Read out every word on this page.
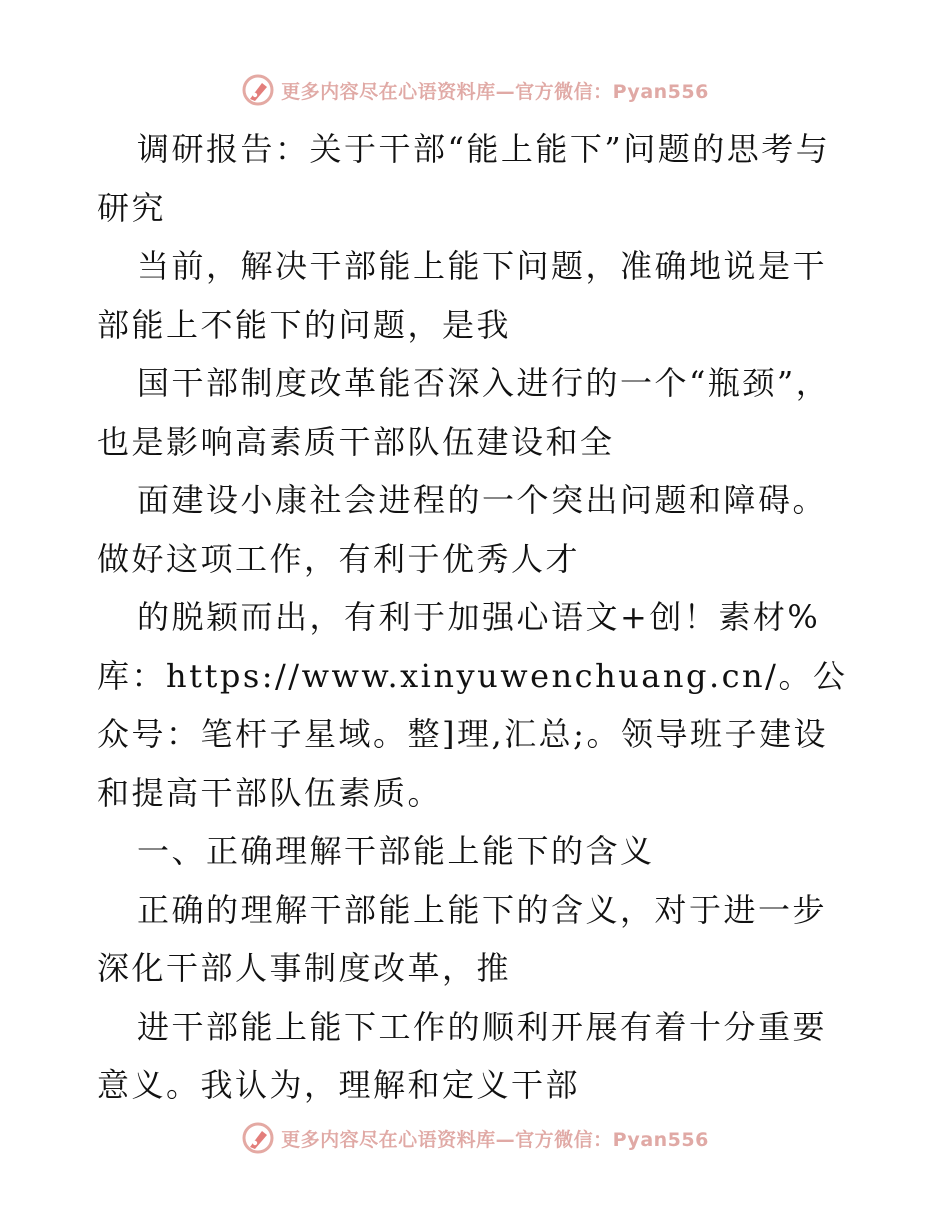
更多内容尽在心语资料库—官方微信：Pyan556

调研报告：关于干部“能上能下”问题的思考与研究

当前，解决干部能上能下问题，准确地说是干部能上不能下的问题，是我

国干部制度改革能否深入进行的一个“瓶颈”，也是影响高素质干部队伍建设和全

面建设小康社会进程的一个突出问题和障碍。做好这项工作，有利于优秀人才

的脱颖而出，有利于加强心语文+创！素材%库：https://www.xinyuwenchuang.cn/。公众号：笔杆子星域。整]理,汇总;。领导班子建设和提高干部队伍素质。

一、正确理解干部能上能下的含义

正确的理解干部能上能下的含义，对于进一步深化干部人事制度改革，推

进干部能上能下工作的顺利开展有着十分重要意义。我认为，理解和定义干部

更多内容尽在心语资料库—官方微信：Pyan556
